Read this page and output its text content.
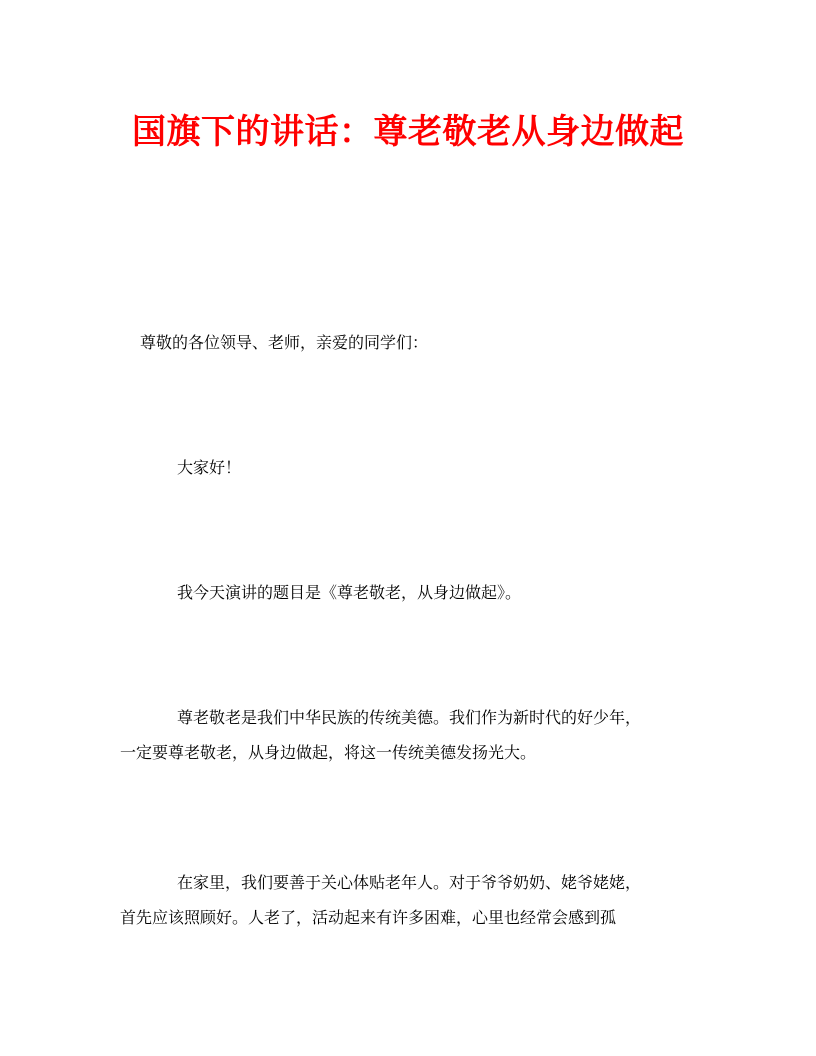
国旗下的讲话：尊老敬老从身边做起
尊敬的各位领导、老师，亲爱的同学们：
大家好！
我今天演讲的题目是《尊老敬老，从身边做起》。
尊老敬老是我们中华民族的传统美德。我们作为新时代的好少年，
一定要尊老敬老，从身边做起，将这一传统美德发扬光大。
在家里，我们要善于关心体贴老年人。对于爷爷奶奶、姥爷姥姥，
首先应该照顾好。人老了，活动起来有许多困难，心里也经常会感到孤
